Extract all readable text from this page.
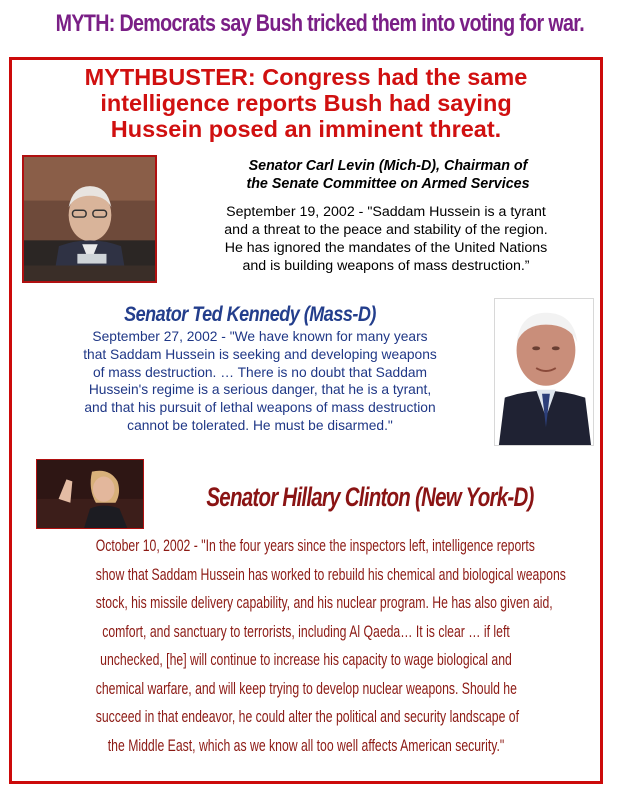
MYTH: Democrats say Bush tricked them into voting for war.
MYTHBUSTER: Congress had the same
intelligence reports Bush had saying
Hussein posed an imminent threat.
Senator Carl Levin (Mich-D), Chairman of
the Senate Committee on Armed Services
September 19, 2002 - "Saddam Hussein is a tyrant
and a threat to the peace and stability of the region.
He has ignored the mandates of the United Nations
and is building weapons of mass destruction.”
Senator Ted Kennedy (Mass-D)
September 27, 2002 - "We have known for many years
that Saddam Hussein is seeking and developing weapons
of mass destruction. … There is no doubt that Saddam
Hussein's regime is a serious danger, that he is a tyrant,
and that his pursuit of lethal weapons of mass destruction
cannot be tolerated. He must be disarmed."
Senator Hillary Clinton (New York-D)
October 10, 2002 - "In the four years since the inspectors left, intelligence reports
show that Saddam Hussein has worked to rebuild his chemical and biological weapons
stock, his missile delivery capability, and his nuclear program. He has also given aid,
comfort, and sanctuary to terrorists, including Al Qaeda… It is clear … if left
unchecked, [he] will continue to increase his capacity to wage biological and
chemical warfare, and will keep trying to develop nuclear weapons. Should he
succeed in that endeavor, he could alter the political and security landscape of
the Middle East, which as we know all too well affects American security."
